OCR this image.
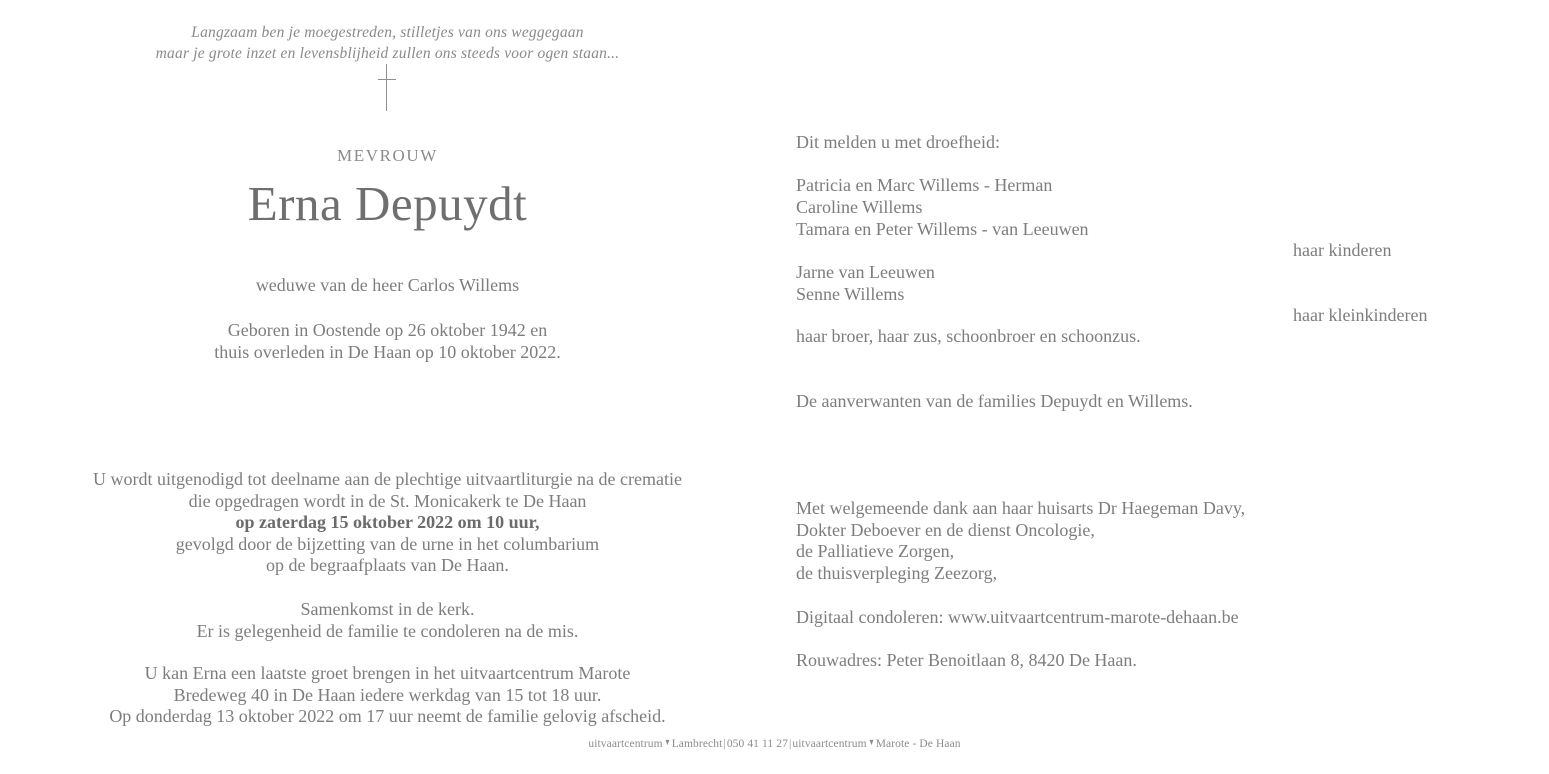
Langzaam ben je moegestreden, stilletjes van ons weggegaan
maar je grote inzet en levensblijheid zullen ons steeds voor ogen staan...
MEVROUW
Erna Depuydt
weduwe van de heer Carlos Willems
Geboren in Oostende op 26 oktober 1942 en
thuis overleden in De Haan op 10 oktober 2022.
U wordt uitgenodigd tot deelname aan de plechtige uitvaartliturgie na de crematie
die opgedragen wordt in de St. Monicakerk te De Haan
op zaterdag 15 oktober 2022 om 10 uur,
gevolgd door de bijzetting van de urne in het columbarium
op de begraafplaats van De Haan.
Samenkomst in de kerk.
Er is gelegenheid de familie te condoleren na de mis.
U kan Erna een laatste groet brengen in het uitvaartcentrum Marote
Bredeweg 40 in De Haan iedere werkdag van 15 tot 18 uur.
Op donderdag 13 oktober 2022 om 17 uur neemt de familie gelovig afscheid.
Dit melden u met droefheid:
Patricia en Marc Willems - Herman
Caroline Willems
Tamara en Peter Willems - van Leeuwen
haar kinderen
Jarne van Leeuwen
Senne Willems
haar kleinkinderen
haar broer, haar zus, schoonbroer en schoonzus.
De aanverwanten van de families Depuydt en Willems.
Met welgemeende dank aan haar huisarts Dr Haegeman Davy,
Dokter Deboever en de dienst Oncologie,
de Palliatieve Zorgen,
de thuisverpleging Zeezorg,
Digitaal condoleren: www.uitvaartcentrum-marote-dehaan.be
Rouwadres: Peter Benoitlaan 8, 8420 De Haan.
uitvaartcentrum▼Lambrecht|050 41 11 27|uitvaartcentrum▼Marote - De Haan
